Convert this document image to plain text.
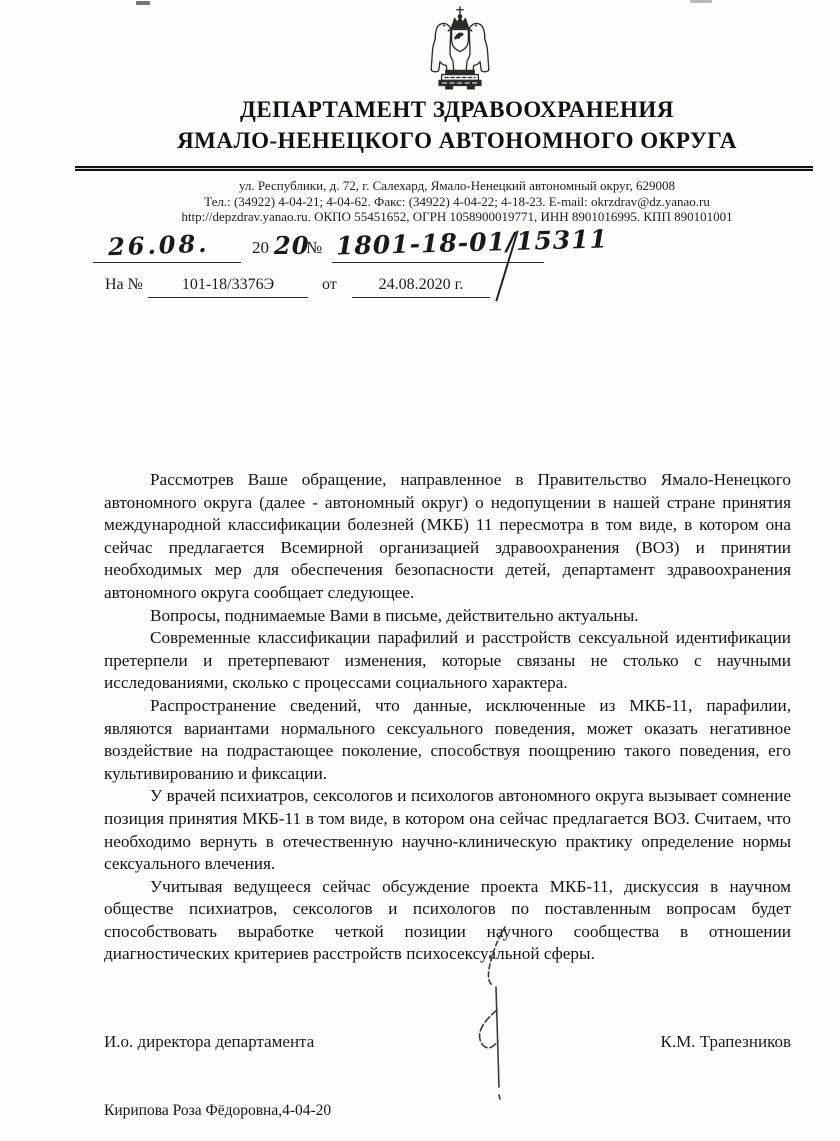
ДЕПАРТАМЕНТ ЗДРАВООХРАНЕНИЯ
ЯМАЛО-НЕНЕЦКОГО АВТОНОМНОГО ОКРУГА
ул. Республики, д. 72, г. Салехард, Ямало-Ненецкий автономный округ, 629008
Тел.: (34922) 4-04-21; 4-04-62. Факс: (34922) 4-04-22; 4-18-23. E-mail: okrzdrav@dz.yanao.ru
http://depzdrav.yanao.ru. ОКПО 55451652, ОГРН 1058900019771, ИНН 8901016995. КПП 890101001
26.08.	20 20
№ 1801-18-01/15311
На №	101-18/3376Э	от	24.08.2020 г.

Рассмотрев Ваше обращение, направленное в Правительство Ямало-Ненецкого автономного округа (далее - автономный округ) о недопущении в нашей стране принятия международной классификации болезней (МКБ) 11 пересмотра в том виде, в котором она сейчас предлагается Всемирной организацией здравоохранения (ВОЗ) и принятии необходимых мер для обеспечения безопасности детей, департамент здравоохранения автономного округа сообщает следующее.

Вопросы, поднимаемые Вами в письме, действительно актуальны.

Современные классификации парафилий и расстройств сексуальной идентификации претерпели и претерпевают изменения, которые связаны не столько с научными исследованиями, сколько с процессами социального характера.

Распространение сведений, что данные, исключенные из МКБ-11, парафилии, являются вариантами нормального сексуального поведения, может оказать негативное воздействие на подрастающее поколение, способствуя поощрению такого поведения, его культивированию и фиксации.

У врачей психиатров, сексологов и психологов автономного округа вызывает сомнение позиция принятия МКБ-11 в том виде, в котором она сейчас предлагается ВОЗ. Считаем, что необходимо вернуть в отечественную научно-клиническую практику определение нормы сексуального влечения.

Учитывая ведущееся сейчас обсуждение проекта МКБ-11, дискуссия в научном обществе психиатров, сексологов и психологов по поставленным вопросам будет способствовать выработке четкой позиции научного сообщества в отношении диагностических критериев расстройств психосексуальной сферы.

И.о. директора департамента	К.М. Трапезников
Кирипова Роза Фёдоровна,4-04-20
